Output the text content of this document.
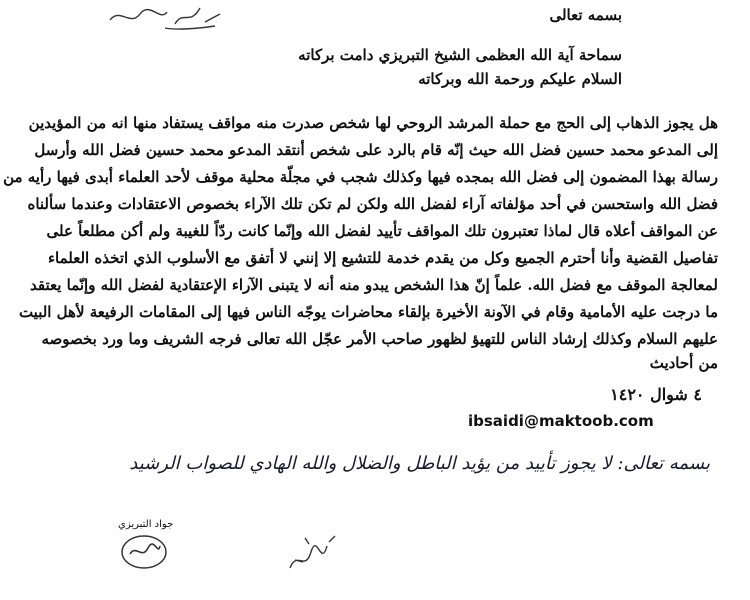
بسمه تعالى
سماحة آية الله العظمى الشيخ التبريزي دامت بركاته
السلام عليكم ورحمة الله وبركاته
هل يجوز الذهاب إلى الحج مع حملة المرشد الروحي لها شخص صدرت منه مواقف يستفاد منها انه من المؤيدين
إلى المدعو محمد حسين فضل الله حيث إنّه قام بالرد على شخص أنتقد المدعو محمد حسين فضل الله وأرسل
رسالة بهذا المضمون إلى فضل الله بمجده فيها وكذلك شجب في مجلّة محلية موقف لأحد العلماء أبدى فيها رأيه من
فضل الله واستحسن في أحد مؤلفاته آراء لفضل الله ولكن لم تكن تلك الآراء بخصوص الاعتقادات وعندما سألناه
عن المواقف أعلاه قال لماذا تعتبرون تلك المواقف تأييد لفضل الله وإنّما كانت ردّاً للغيبة ولم أكن مطلعاً على
تفاصيل القضية وأنا أحترم الجميع وكل من يقدم خدمة للتشيع إلا إنني لا أتفق مع الأسلوب الذي اتخذه العلماء
لمعالجة الموقف مع فضل الله. علماً إنّ هذا الشخص يبدو منه أنه لا يتبنى الآراء الإعتقادية لفضل الله وإنّما يعتقد
ما درجت عليه الأمامية وقام في الآونة الأخيرة بإلقاء محاضرات يوجّه الناس فيها إلى المقامات الرفيعة لأهل البيت
عليهم السلام وكذلك إرشاد الناس للتهيؤ لظهور صاحب الأمر عجّل الله تعالى فرجه الشريف وما ورد بخصوصه
من أحاديث
٤ شوال ١٤٢٠
ibsaidi@maktoob.com
بسمه تعالى: لا يجوز تأييد من يؤيد الباطل والضلال والله الهادي للصواب الرشيد
جواد التبريزي
